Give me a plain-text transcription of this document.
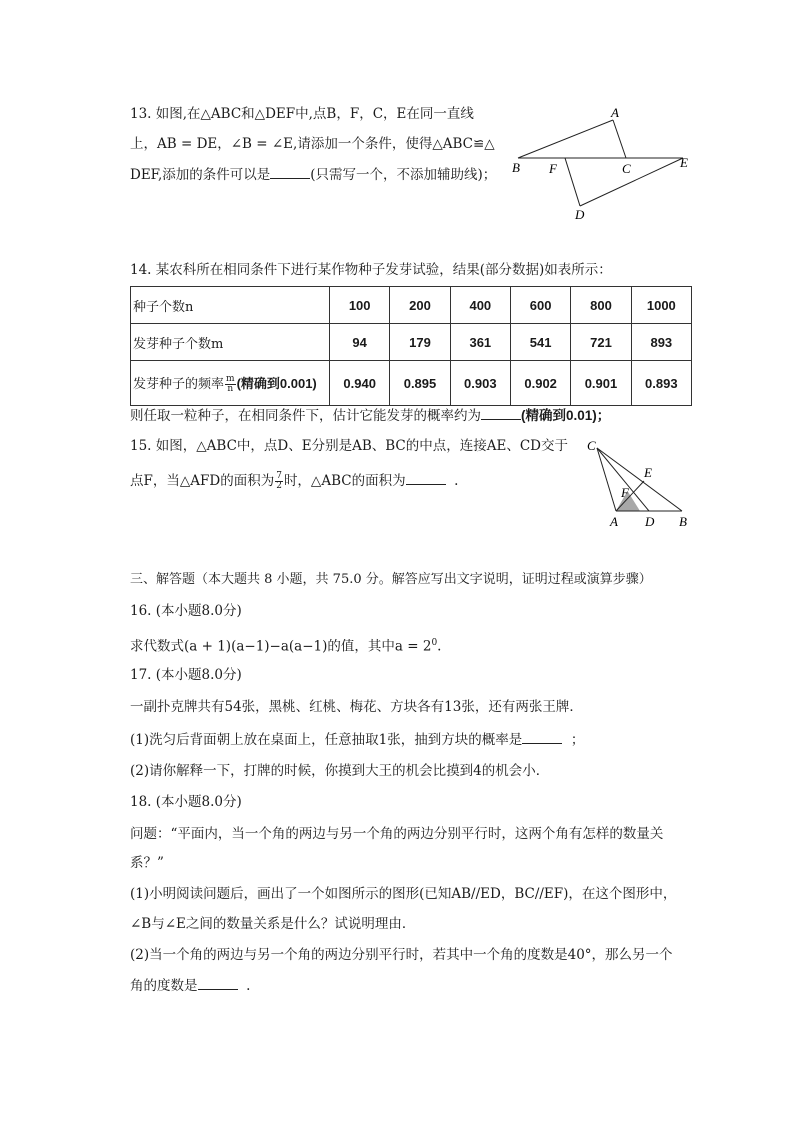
13. 如图,在△ABC和△DEF中,点B，F，C，E在同一直线
上，AB = DE，∠B = ∠E,请添加一个条件，使得△ABC≌△
DEF,添加的条件可以是	(只需写一个，不添加辅助线)；
A
B F	C	E
D
14. 某农科所在相同条件下进行某作物种子发芽试验，结果(部分数据)如表所示：
种子个数n	100	200	400	600	800	1000
发芽种子个数m	94	179	361	541	721	893
发芽种子的频率 $\frac{m}{n}$ (精确到0.001)	0.940	0.895	0.903	0.902	0.901	0.893
则任取一粒种子，在相同条件下，估计它能发芽的概率约为	(精确到0.01)；
15. 如图，△ABC中，点D、E分别是AB、BC的中点，连接AE、CD交于
点F，当△AFD的面积为 $\frac{7}{2}$ 时，△ABC的面积为	.
C
E
F
A D B
三、解答题（本大题共 8 小题，共 75.0 分。解答应写出文字说明，证明过程或演算步骤）
16. (本小题8.0分)
求代数式(a + 1)(a−1)−a(a−1)的值，其中$a = 2^0$.
17. (本小题8.0分)
一副扑克牌共有54张，黑桃、红桃、梅花、方块各有13张，还有两张王牌．
(1)洗匀后背面朝上放在桌面上，任意抽取1张，抽到方块的概率是	；
(2)请你解释一下，打牌的时候，你摸到大王的机会比摸到4的机会小．
18. (本小题8.0分)
问题：“平面内，当一个角的两边与另一个角的两边分别平行时，这两个角有怎样的数量关
系？”
(1)小明阅读问题后，画出了一个如图所示的图形(已知AB//ED，BC//EF)，在这个图形中，
∠B与∠E之间的数量关系是什么？试说明理由．
(2)当一个角的两边与另一个角的两边分别平行时，若其中一个角的度数是40°，那么另一个
角的度数是	.
